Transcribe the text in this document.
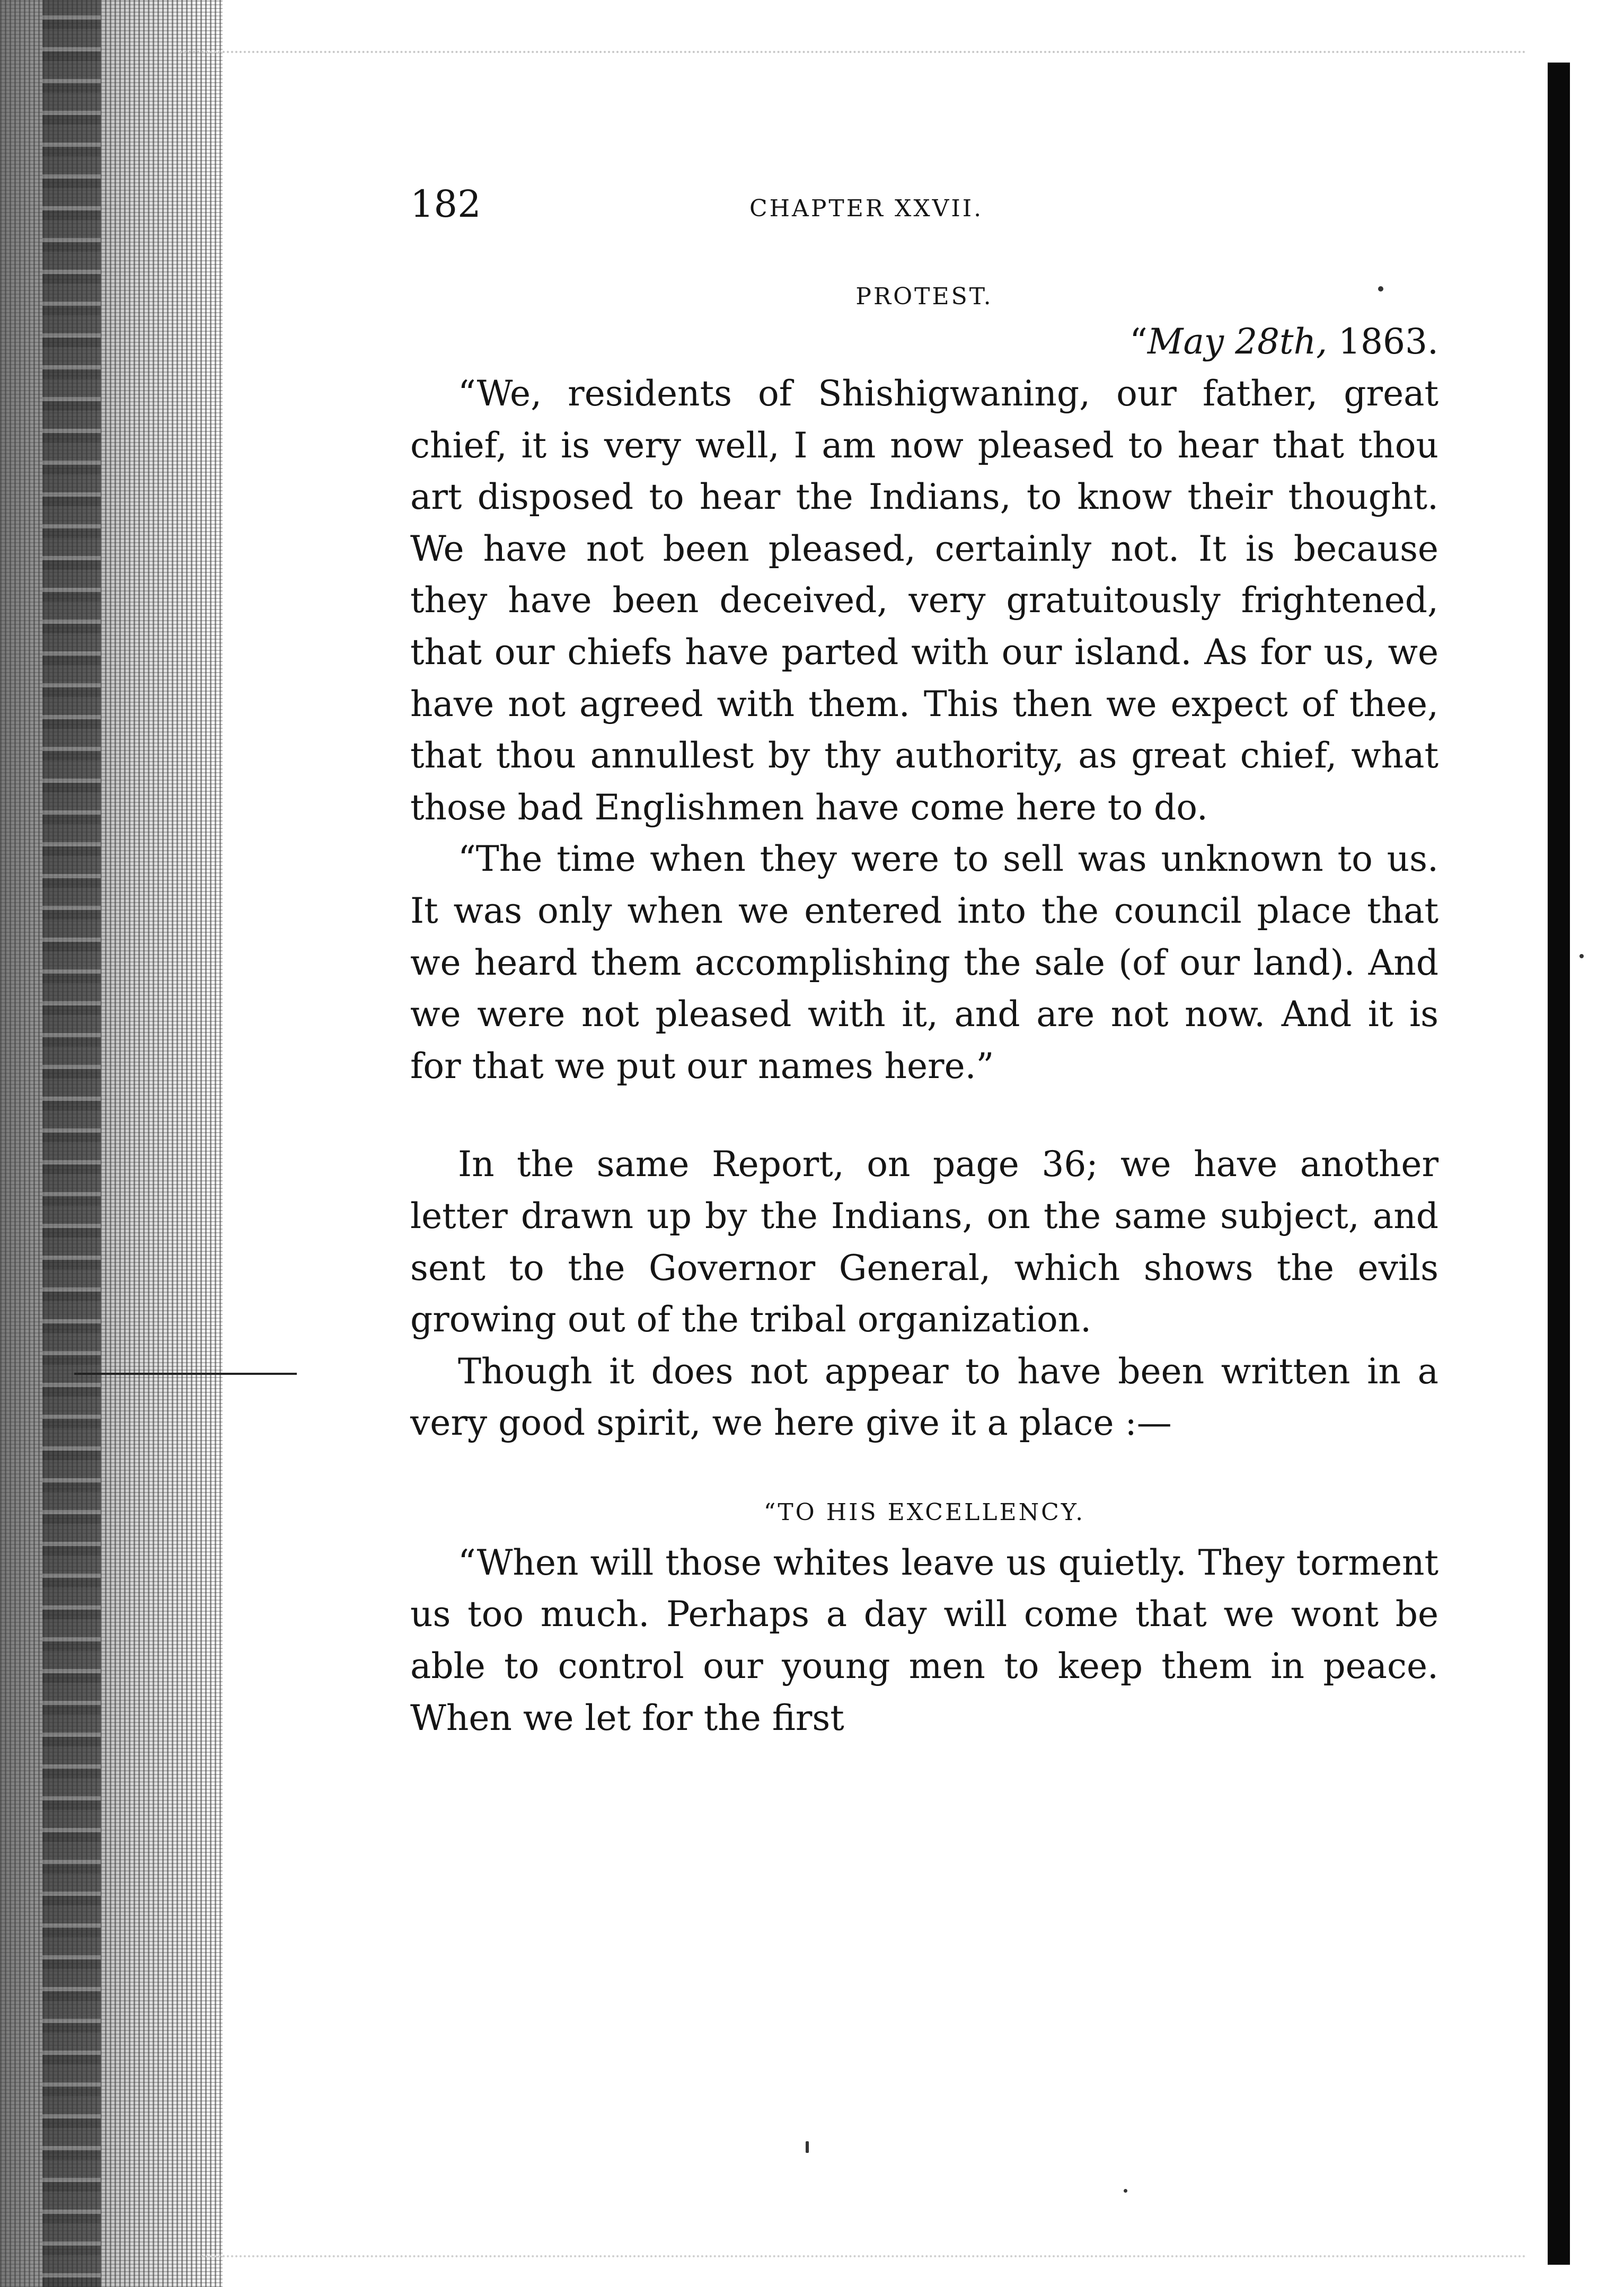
182	CHAPTER XXVII.
PROTEST.
“May 28th, 1863.

“We, residents of Shishigwaning, our father, great chief, it is very well, I am now pleased to hear that thou art disposed to hear the Indians, to know their thought. We have not been pleased, certainly not. It is because they have been deceived, very gratuitously frightened, that our chiefs have parted with our island. As for us, we have not agreed with them. This then we expect of thee, that thou annullest by thy authority, as great chief, what those bad Englishmen have come here to do.

“The time when they were to sell was unknown to us. It was only when we entered into the council place that we heard them accomplishing the sale (of our land). And we were not pleased with it, and are not now. And it is for that we put our names here.”

In the same Report, on page 36; we have another letter drawn up by the Indians, on the same subject, and sent to the Governor General, which shows the evils growing out of the tribal organization.

Though it does not appear to have been written in a very good spirit, we here give it a place :—

“TO HIS EXCELLENCY.

“When will those whites leave us quietly. They torment us too much. Perhaps a day will come that we wont be able to control our young men to keep them in peace. When we let for the first
